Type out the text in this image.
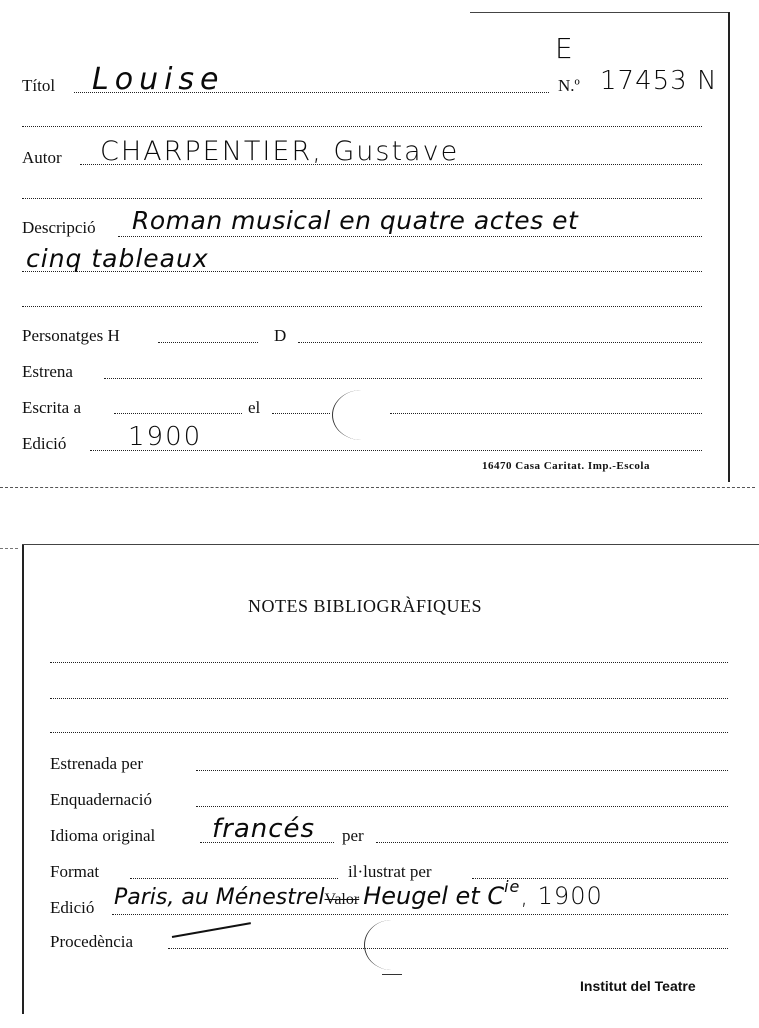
E
Títol Louise	N.º 17453 N
Autor CHARPENTIER, Gustave
Descripció Roman musical en quatre actes et
cinq tableaux
Personatges H	D
Estrena
Escrita a	el
Edició 1900
16470 Casa Caritat. Imp.-Escola
NOTES BIBLIOGRÀFIQUES
Estrenada per
Enquadernació
Idioma original francés per
Format	il·lustrat per
Edició Paris, au MénestrelValor Heugel et $C^{ie}$, 1900
Procedència
Institut del Teatre
